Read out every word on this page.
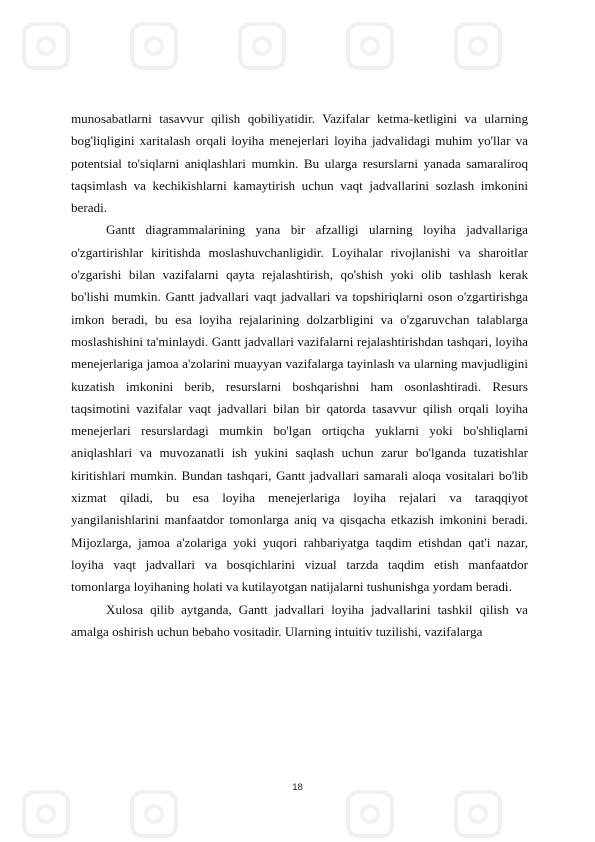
munosabatlarni tasavvur qilish qobiliyatidir. Vazifalar ketma-ketligini va ularning bog'liqligini xaritalash orqali loyiha menejerlari loyiha jadvalidagi muhim yo'llar va potentsial to'siqlarni aniqlashlari mumkin. Bu ularga resurslarni yanada samaraliroq taqsimlash va kechikishlarni kamaytirish uchun vaqt jadvallarini sozlash imkonini beradi.

Gantt diagrammalarining yana bir afzalligi ularning loyiha jadvallariga o'zgartirishlar kiritishda moslashuvchanligidir. Loyihalar rivojlanishi va sharoitlar o'zgarishi bilan vazifalarni qayta rejalashtirish, qo'shish yoki olib tashlash kerak bo'lishi mumkin. Gantt jadvallari vaqt jadvallari va topshiriqlarni oson o'zgartirishga imkon beradi, bu esa loyiha rejalarining dolzarbligini va o'zgaruvchan talablarga moslashishini ta'minlaydi. Gantt jadvallari vazifalarni rejalashtirishdan tashqari, loyiha menejerlariga jamoa a'zolarini muayyan vazifalarga tayinlash va ularning mavjudligini kuzatish imkonini berib, resurslarni boshqarishni ham osonlashtiradi. Resurs taqsimotini vazifalar vaqt jadvallari bilan bir qatorda tasavvur qilish orqali loyiha menejerlari resurslardagi mumkin bo'lgan ortiqcha yuklarni yoki bo'shliqlarni aniqlashlari va muvozanatli ish yukini saqlash uchun zarur bo'lganda tuzatishlar kiritishlari mumkin. Bundan tashqari, Gantt jadvallari samarali aloqa vositalari bo'lib xizmat qiladi, bu esa loyiha menejerlariga loyiha rejalari va taraqqiyot yangilanishlarini manfaatdor tomonlarga aniq va qisqacha etkazish imkonini beradi. Mijozlarga, jamoa a'zolariga yoki yuqori rahbariyatga taqdim etishdan qat'i nazar, loyiha vaqt jadvallari va bosqichlarini vizual tarzda taqdim etish manfaatdor tomonlarga loyihaning holati va kutilayotgan natijalarni tushunishga yordam beradi.

Xulosa qilib aytganda, Gantt jadvallari loyiha jadvallarini tashkil qilish va amalga oshirish uchun bebaho vositadir. Ularning intuitiv tuzilishi, vazifalarga

18
